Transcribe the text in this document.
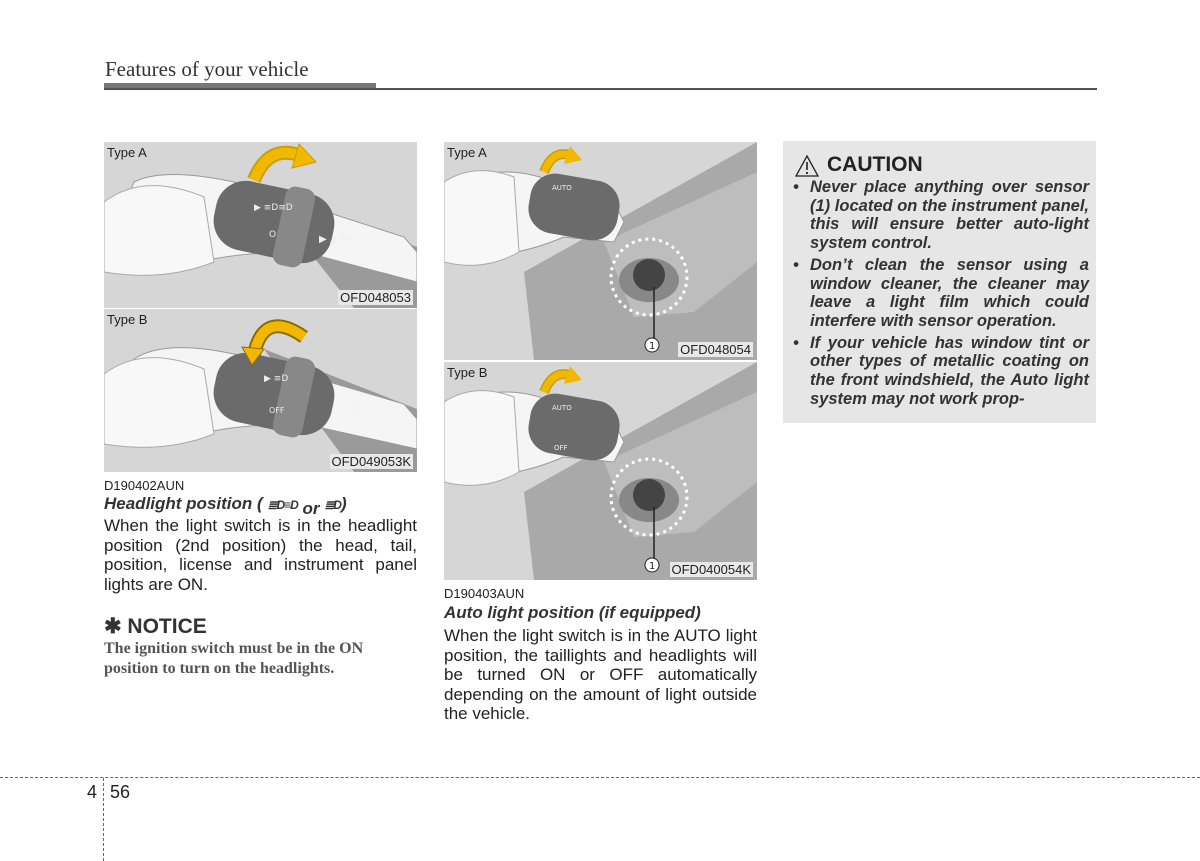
Features of your vehicle
▶ ≡D≡D
O	▶ ▲ ⇔
Type A
OFD048053
▶ ≡D
OFF	⇔
Type B
OFD049053K
D190402AUN
Headlight position ( ≣D≡D or ≣D)
When the light switch is in the headlight position (2nd position) the head, tail, position, license and instrument panel lights are ON.
✱ NOTICE
The ignition switch must be in the ON position to turn on the headlights.
AUTO
1
Type A
OFD048054
AUTO
OFF
1
Type B
OFD040054K
D190403AUN
Auto light position (if equipped)
When the light switch is in the AUTO light position, the taillights and headlights will be turned ON or OFF automatically depending on the amount of light outside the vehicle.
CAUTION
• Never place anything over sensor (1) located on the instrument panel, this will ensure better auto-light system control.
• Don’t clean the sensor using a window cleaner, the cleaner may leave a light film which could interfere with sensor operation.
• If your vehicle has window tint or other types of metallic coating on the front windshield, the Auto light system may not work prop-
4 56
